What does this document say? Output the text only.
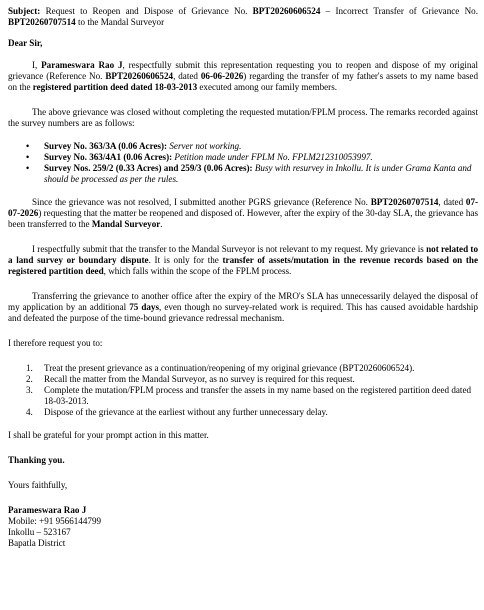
Subject: Request to Reopen and Dispose of Grievance No. BPT20260606524 – Incorrect Transfer of Grievance No. BPT20260707514 to the Mandal Surveyor

Dear Sir,

I, Parameswara Rao J, respectfully submit this representation requesting you to reopen and dispose of my original grievance (Reference No. BPT20260606524, dated 06-06-2026) regarding the transfer of my father's assets to my name based on the registered partition deed dated 18-03-2013 executed among our family members.

The above grievance was closed without completing the requested mutation/FPLM process. The remarks recorded against the survey numbers are as follows:

• Survey No. 363/3A (0.06 Acres): Server not working.
• Survey No. 363/4A1 (0.06 Acres): Petition made under FPLM No. FPLM212310053997.
• Survey Nos. 259/2 (0.33 Acres) and 259/3 (0.06 Acres): Busy with resurvey in Inkollu. It is under Grama Kanta and should be processed as per the rules.

Since the grievance was not resolved, I submitted another PGRS grievance (Reference No. BPT20260707514, dated 07-07-2026) requesting that the matter be reopened and disposed of. However, after the expiry of the 30-day SLA, the grievance has been transferred to the Mandal Surveyor.

I respectfully submit that the transfer to the Mandal Surveyor is not relevant to my request. My grievance is not related to a land survey or boundary dispute. It is only for the transfer of assets/mutation in the revenue records based on the registered partition deed, which falls within the scope of the FPLM process.

Transferring the grievance to another office after the expiry of the MRO's SLA has unnecessarily delayed the disposal of my application by an additional 75 days, even though no survey-related work is required. This has caused avoidable hardship and defeated the purpose of the time-bound grievance redressal mechanism.

I therefore request you to:

1. Treat the present grievance as a continuation/reopening of my original grievance (BPT20260606524).
2. Recall the matter from the Mandal Surveyor, as no survey is required for this request.
3. Complete the mutation/FPLM process and transfer the assets in my name based on the registered partition deed dated 18-03-2013.
4. Dispose of the grievance at the earliest without any further unnecessary delay.

I shall be grateful for your prompt action in this matter.

Thanking you.

Yours faithfully,

Parameswara Rao J

Mobile: +91 9566144799

Inkollu – 523167

Bapatla District
